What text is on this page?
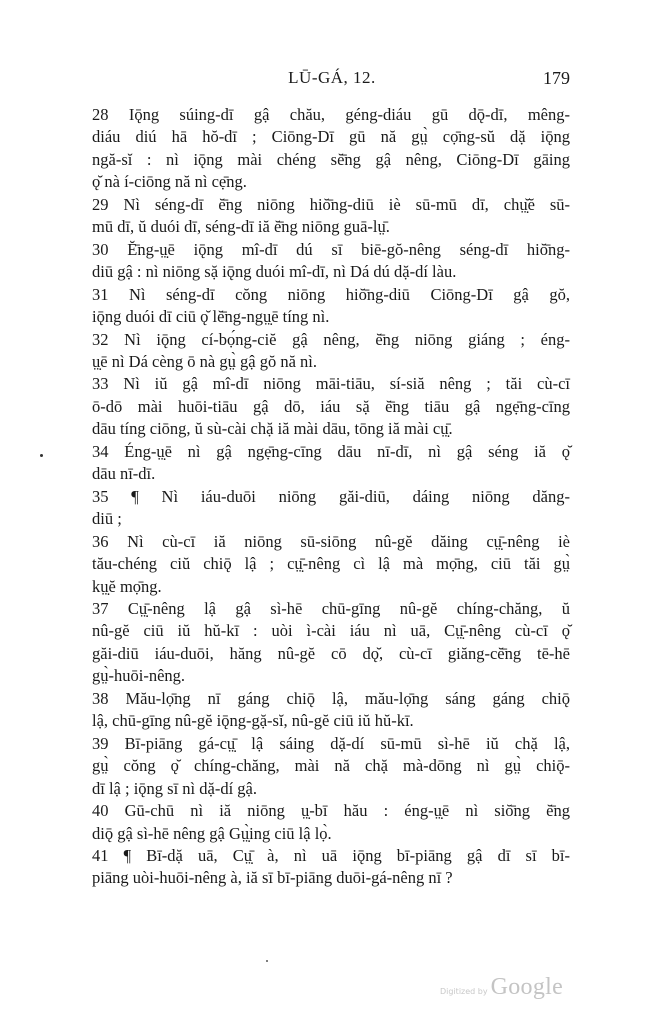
LŪ-GÁ, 12.	179
28 Iǭng súing-dī gậ chău, géng-diáu gū dǭ-dī, mêng-
diáu diú hā hŏ-dī ; Ciōng-Dī gū nă gṳ̀ cọ̄ng-sŭ dặ iǭng
ngă-sĭ : nì iǭng mài chéng sĕ̄ng gậ nêng, Ciōng-Dī gāing
ǫ̆ nà í-ciōng nă nì cẹ̄ng.
29 Nì séng-dī ĕ̄ng niōng hiŏ̄ng-diū iè sū-mū dī, chṳ̣̆ĕ sū-
mū dī, ŭ duói dī, séng-dī iă ĕ̄ng niōng guā-lṳ̄.
30 Ĕ̄ng-ṳ̣ē iǭng mî-dī dú sī biē-gŏ-nêng séng-dī hiŏ̄ng-
diū gậ : nì niōng sặ iǭng duói mî-dī, nì Dá dú dặ-dí làu.
31 Nì séng-dī cŏng niōng hiŏ̄ng-diū Ciōng-Dī gậ gŏ,
iǭng duói dī ciū ǫ̆ lĕ̄ng-ngṳ̣ē tíng nì.
32 Nì iǭng cí-bọ́ng-ciĕ gậ nêng, ĕ̄ng niōng giáng ; éng-
ṳ̣ē nì Dá cèng ō nà gṳ̀ gậ gŏ nă nì.
33 Nì iŭ gậ mî-dī niōng māi-tiāu, sí-siă nêng ; tăi cù-cī
ō-dō mài huōi-tiāu gậ dō, iáu sặ ĕ̄ng tiāu gậ ngẹ̄ng-cīng
dāu tíng ciōng, ŭ sù-cài chặ iă mài dāu, tōng iă mài cṳ̣̄.
34 Éng-ṳ̣ē nì gậ ngẹ̄ng-cīng dāu nī-dī, nì gậ séng iă ǫ̆
dāu nī-dī.
35 ¶ Nì iáu-duōi niōng găi-diū, dáing niōng dăng-
diū ;
36 Nì cù-cī iă niōng sū-siōng nû-gĕ dăing cṳ̣̄-nêng iè
tău-chéng ciŭ chiǭ lậ ; cṳ̣̄-nêng cì lậ mà mọ̄ng, ciū tăi gṳ̀
kṳ̣ĕ mọ̄ng.
37 Cṳ̣̄-nêng lậ gậ sì-hē chū-gīng nû-gĕ chíng-chăng, ŭ
nû-gĕ ciū iŭ hŭ-kī : uòi ì-cài iáu nì uā, Cṳ̣̄-nêng cù-cī ǫ̆
găi-diū iáu-duōi, hăng nû-gĕ cō dǫ̆, cù-cī giăng-cĕ̄ng tē-hē
gṳ̀-huōi-nêng.
38 Mău-lọ̄ng nī gáng chiǭ lậ, mău-lọ̄ng sáng gáng chiǭ
lậ, chū-gīng nû-gĕ iǭng-gặ-sĭ, nû-gĕ ciū iŭ hŭ-kī.
39 Bī-piāng gá-cṳ̣̄ lậ sáing dặ-dí sū-mū sì-hē iŭ chặ lậ,
gṳ̀ cŏng ǫ̆ chíng-chăng, mài nă chặ mà-dōng nì gṳ̀ chiǭ-
dī lậ ; iǭng sī nì dặ-dí gậ.
40 Gū-chū nì iă niōng ṳ̣-bī hău : éng-ṳ̣ē nì siŏ̄ng ĕ̄ng
diǭ gậ sì-hē nêng gậ Gṳ̣̀ing ciū lậ lọ̀.
41 ¶ Bī-dặ uā, Cṳ̣̄ à, nì uā iǭng bī-piāng gậ dī sī bī-
piāng uòi-huōi-nêng à, iă sī bī-piāng duōi-gá-nêng nī ?
Digitized by Google
